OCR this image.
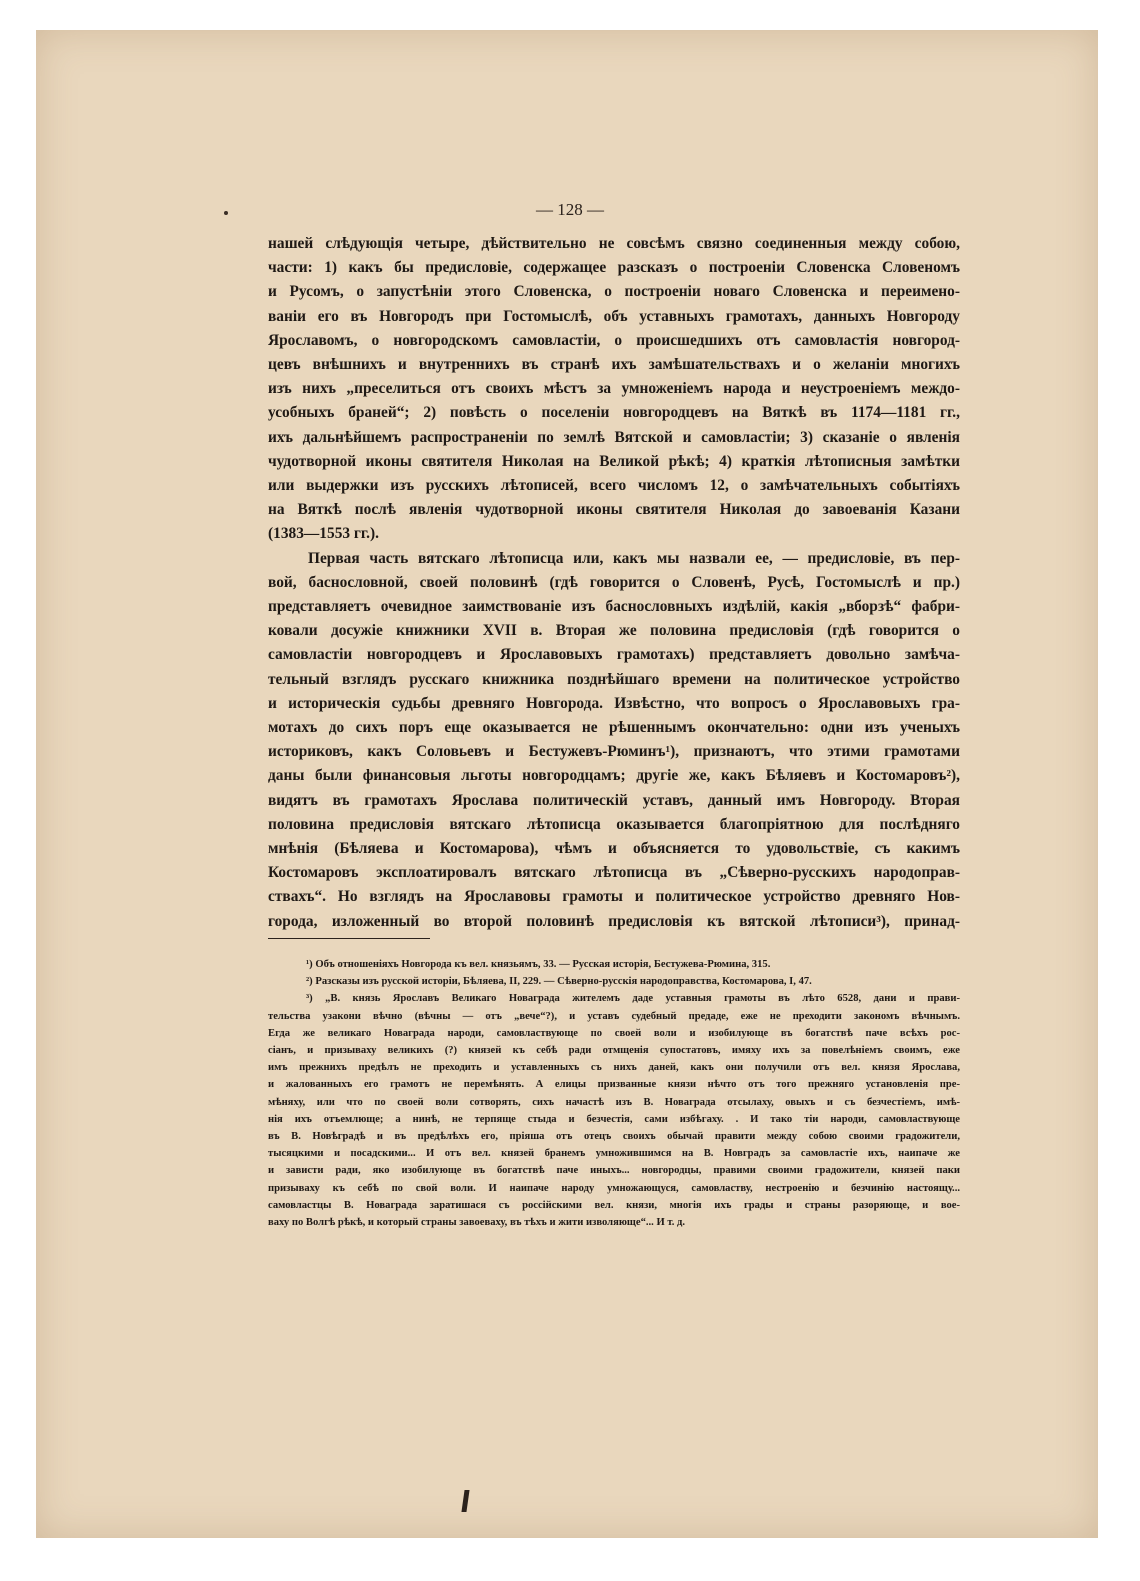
— 128 —
нашей слѣдующія четыре, дѣйствительно не совсѣмъ связно соединенныя между собою,
части: 1) какъ бы предисловіе, содержащее разсказъ о построеніи Словенска Словеномъ
и Русомъ, о запустѣніи этого Словенска, о построеніи новаго Словенска и переимено-
ваніи его въ Новгородъ при Гостомыслѣ, объ уставныхъ грамотахъ, данныхъ Новгороду
Ярославомъ, о новгородскомъ самовластіи, о происшедшихъ отъ самовластія новгород-
цевъ внѣшнихъ и внутреннихъ въ странѣ ихъ замѣшательствахъ и о желаніи многихъ
изъ нихъ „преселиться отъ своихъ мѣстъ за умноженіемъ народа и неустроеніемъ междо-
усобныхъ браней“; 2) повѣсть о поселеніи новгородцевъ на Вяткѣ въ 1174—1181 гг.,
ихъ дальнѣйшемъ распространеніи по землѣ Вятской и самовластіи; 3) сказаніе о явленія
чудотворной иконы святителя Николая на Великой рѣкѣ; 4) краткія лѣтописныя замѣтки
или выдержки изъ русскихъ лѣтописей, всего числомъ 12, о замѣчательныхъ событіяхъ
на Вяткѣ послѣ явленія чудотворной иконы святителя Николая до завоеванія Казани
(1383—1553 гг.).
Первая часть вятскаго лѣтописца или, какъ мы назвали ее, — предисловіе, въ пер-
вой, баснословной, своей половинѣ (гдѣ говорится о Словенѣ, Русѣ, Гостомыслѣ и пр.)
представляетъ очевидное заимствованіе изъ баснословныхъ издѣлій, какія „вборзѣ“ фабри-
ковали досужіе книжники XVII в. Вторая же половина предисловія (гдѣ говорится о
самовластіи новгородцевъ и Ярославовыхъ грамотахъ) представляетъ довольно замѣча-
тельный взглядъ русскаго книжника позднѣйшаго времени на политическое устройство
и историческія судьбы древняго Новгорода. Извѣстно, что вопросъ о Ярославовыхъ гра-
мотахъ до сихъ поръ еще оказывается не рѣшеннымъ окончательно: одни изъ ученыхъ
историковъ, какъ Соловьевъ и Бестужевъ-Рюминъ¹), признаютъ, что этими грамотами
даны были финансовыя льготы новгородцамъ; другіе же, какъ Бѣляевъ и Костомаровъ²),
видятъ въ грамотахъ Ярослава политическій уставъ, данный имъ Новгороду. Вторая
половина предисловія вятскаго лѣтописца оказывается благопріятною для послѣдняго
мнѣнія (Бѣляева и Костомарова), чѣмъ и объясняется то удовольствіе, съ какимъ
Костомаровъ эксплоатировалъ вятскаго лѣтописца въ „Сѣверно-русскихъ народоправ-
ствахъ“. Но взглядъ на Ярославовы грамоты и политическое устройство древняго Нов-
города, изложенный во второй половинѣ предисловія къ вятской лѣтописи³), принад-
¹) Объ отношеніяхъ Новгорода къ вел. князьямъ, 33. — Русская исторія, Бестужева-Рюмина, 315.
²) Разсказы изъ русской исторіи, Бѣляева, II, 229. — Сѣверно-русскія народоправства, Костомарова, I, 47.
³) „В. князь Ярославъ Великаго Новаграда жителемъ даде уставныя грамоты въ лѣто 6528, дани и прави-
тельства узакони вѣчно (вѣчны — отъ „вече“?), и уставъ судебный предаде, еже не преходити закономъ вѣчнымъ.
Егда же великаго Новаграда народи, самовластвующе по своей воли и изобилующе въ богатствѣ паче всѣхъ рос-
сіанъ, и призываху великихъ (?) князей къ себѣ ради отмщенія супостатовъ, имяху ихъ за повелѣніемъ своимъ, еже
имъ прежнихъ предѣлъ не преходить и уставленныхъ съ нихъ даней, какъ они получили отъ вел. князя Ярослава,
и жалованныхъ его грамотъ не перемѣнять. А елицы призванные князи нѣчто отъ того прежняго установленія пре-
мѣняху, или что по своей воли сотворять, сихъ начастѣ изъ В. Новаграда отсылаху, овыхъ и съ безчестіемъ, имѣ-
нія ихъ отъемлюще; а нинѣ, не терпяще стыда и безчестія, сами избѣгаху. . И тако тіи народи, самовластвующе
въ В. Новѣградѣ и въ предѣлѣхъ его, пріяша отъ отецъ своихъ обычай правити между собою своими градожители,
тысяцкими и посадскими... И отъ вел. князей бранемъ умножившимся на В. Новградъ за самовластіе ихъ, наипаче же
и зависти ради, яко изобилующе въ богатствѣ паче иныхъ... новгородцы, правими своими градожители, князей паки
призываху къ себѣ по свой воли. И наипаче народу умножающуся, самовластву, нестроенію и безчинію настоящу...
самовластцы В. Новаграда заратишася съ россійскими вел. князи, многія ихъ грады и страны разоряюще, и вое-
ваху по Волгѣ рѣкѣ, и который страны завоеваху, въ тѣхъ и жити изволяюще“... И т. д.
